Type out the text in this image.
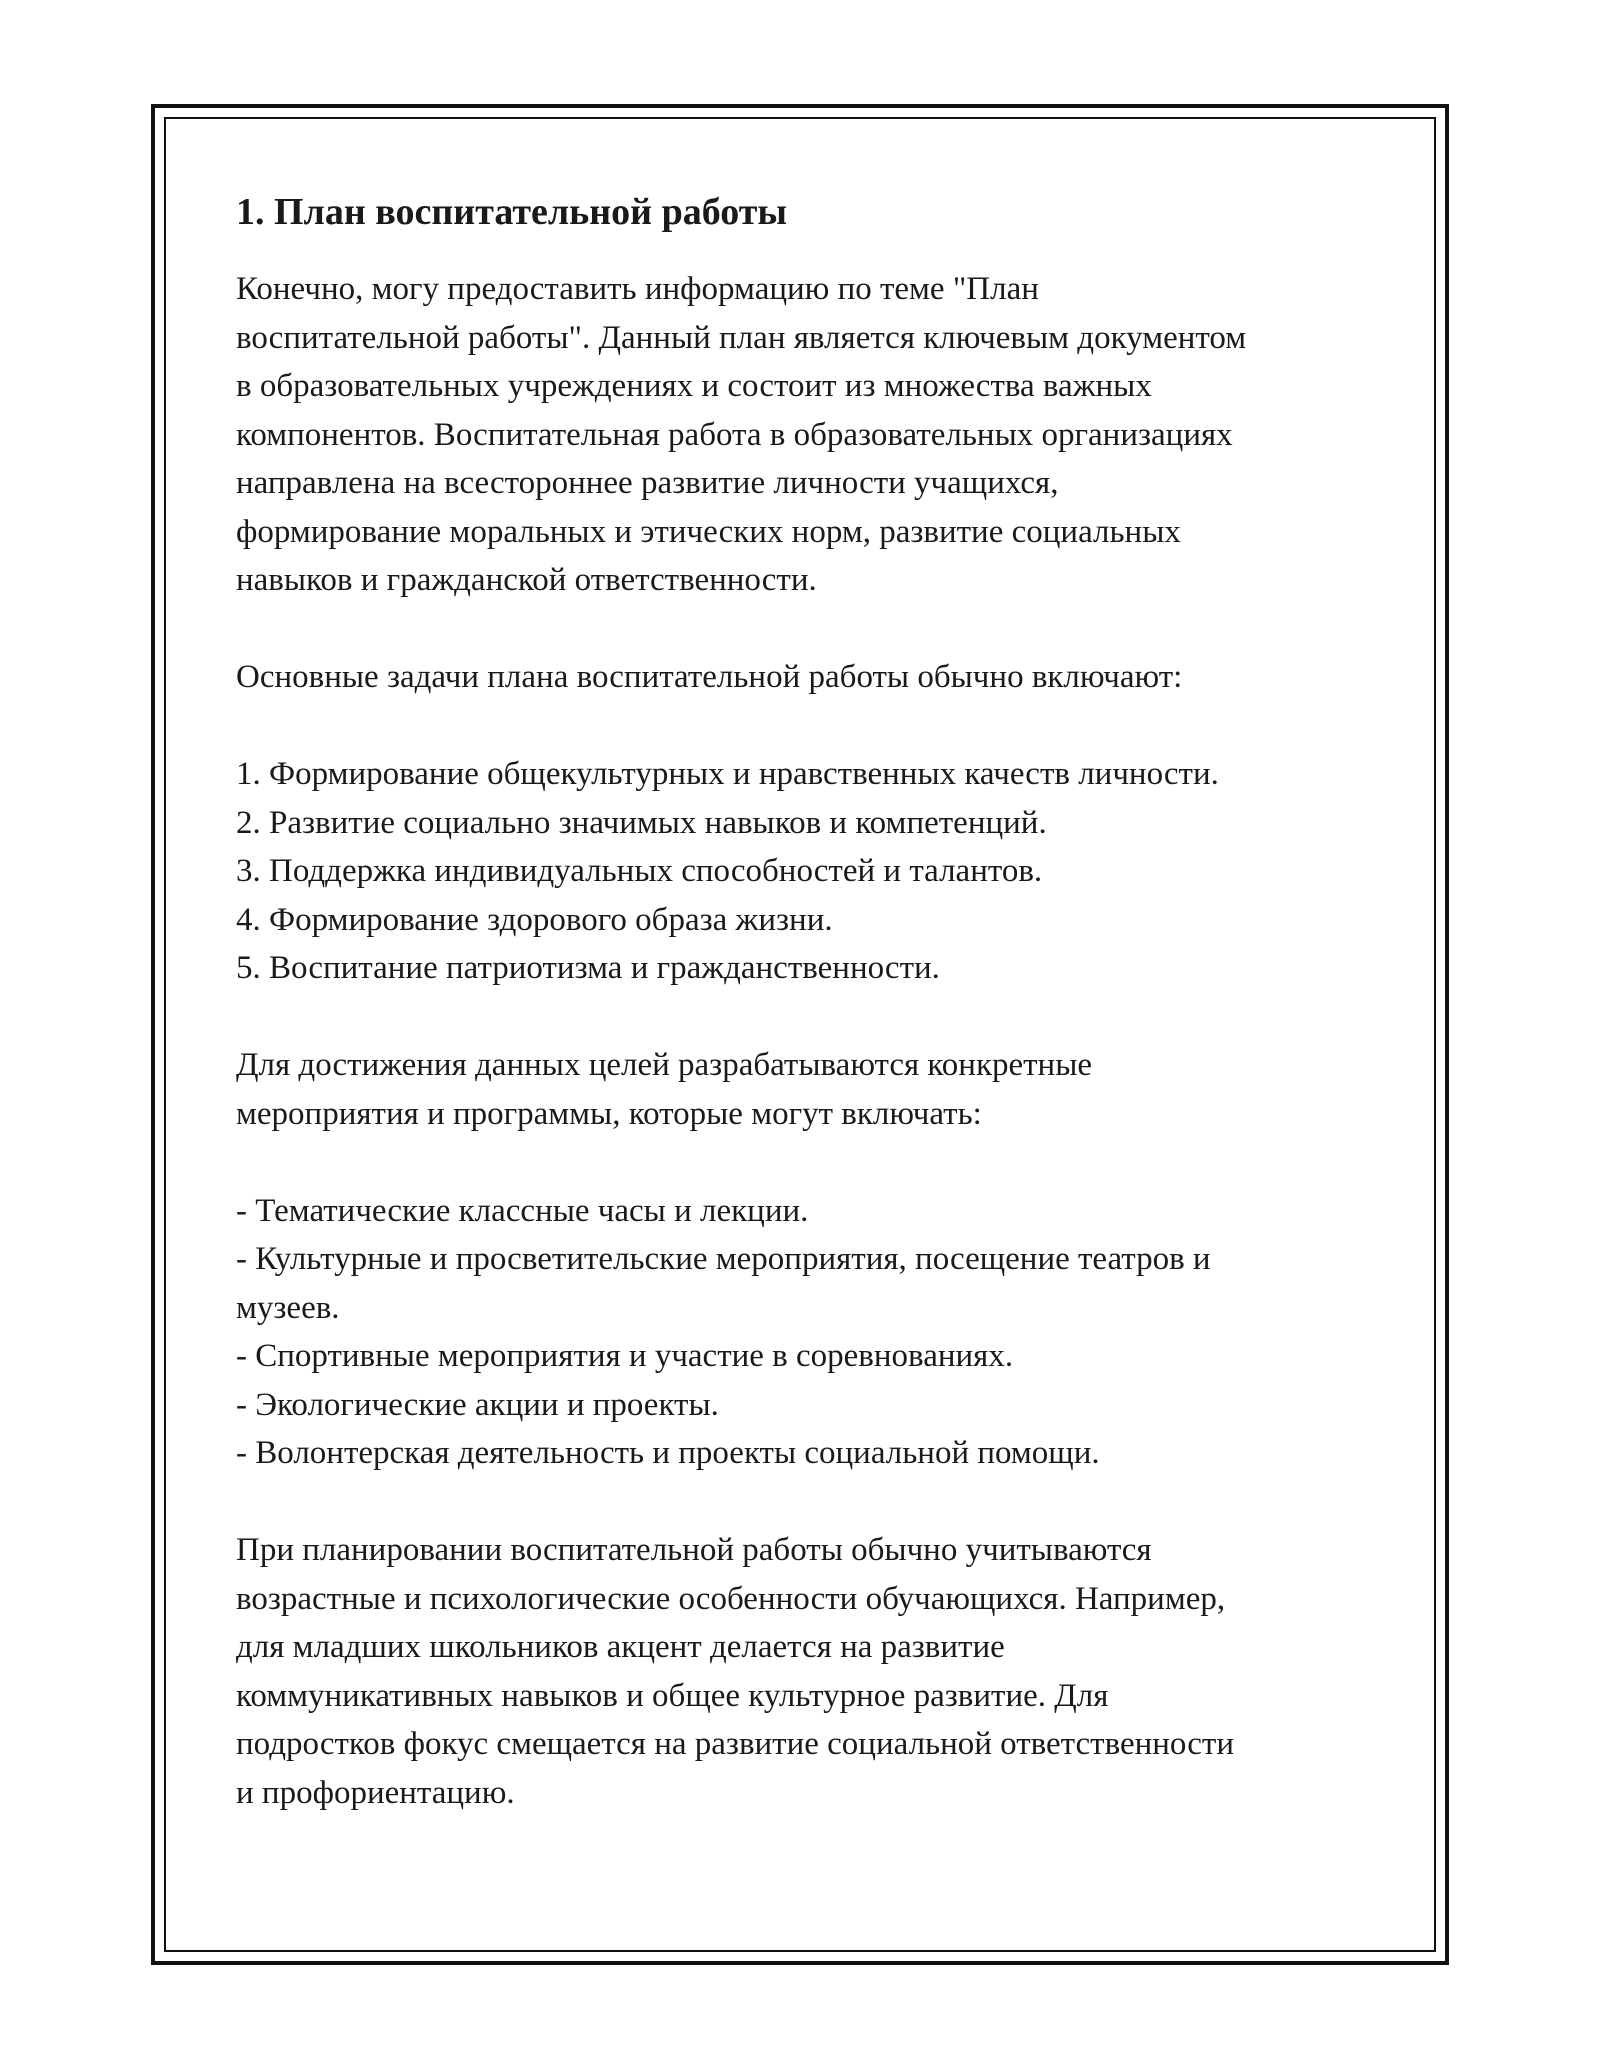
1. План воспитательной работы

Конечно, могу предоставить информацию по теме "План

воспитательной работы". Данный план является ключевым документом

в образовательных учреждениях и состоит из множества важных

компонентов. Воспитательная работа в образовательных организациях

направлена на всестороннее развитие личности учащихся,

формирование моральных и этических норм, развитие социальных

навыков и гражданской ответственности.

Основные задачи плана воспитательной работы обычно включают:

1. Формирование общекультурных и нравственных качеств личности.

2. Развитие социально значимых навыков и компетенций.

3. Поддержка индивидуальных способностей и талантов.

4. Формирование здорового образа жизни.

5. Воспитание патриотизма и гражданственности.

Для достижения данных целей разрабатываются конкретные

мероприятия и программы, которые могут включать:

- Тематические классные часы и лекции.

- Культурные и просветительские мероприятия, посещение театров и

музеев.

- Спортивные мероприятия и участие в соревнованиях.

- Экологические акции и проекты.

- Волонтерская деятельность и проекты социальной помощи.

При планировании воспитательной работы обычно учитываются

возрастные и психологические особенности обучающихся. Например,

для младших школьников акцент делается на развитие

коммуникативных навыков и общее культурное развитие. Для

подростков фокус смещается на развитие социальной ответственности

и профориентацию.
